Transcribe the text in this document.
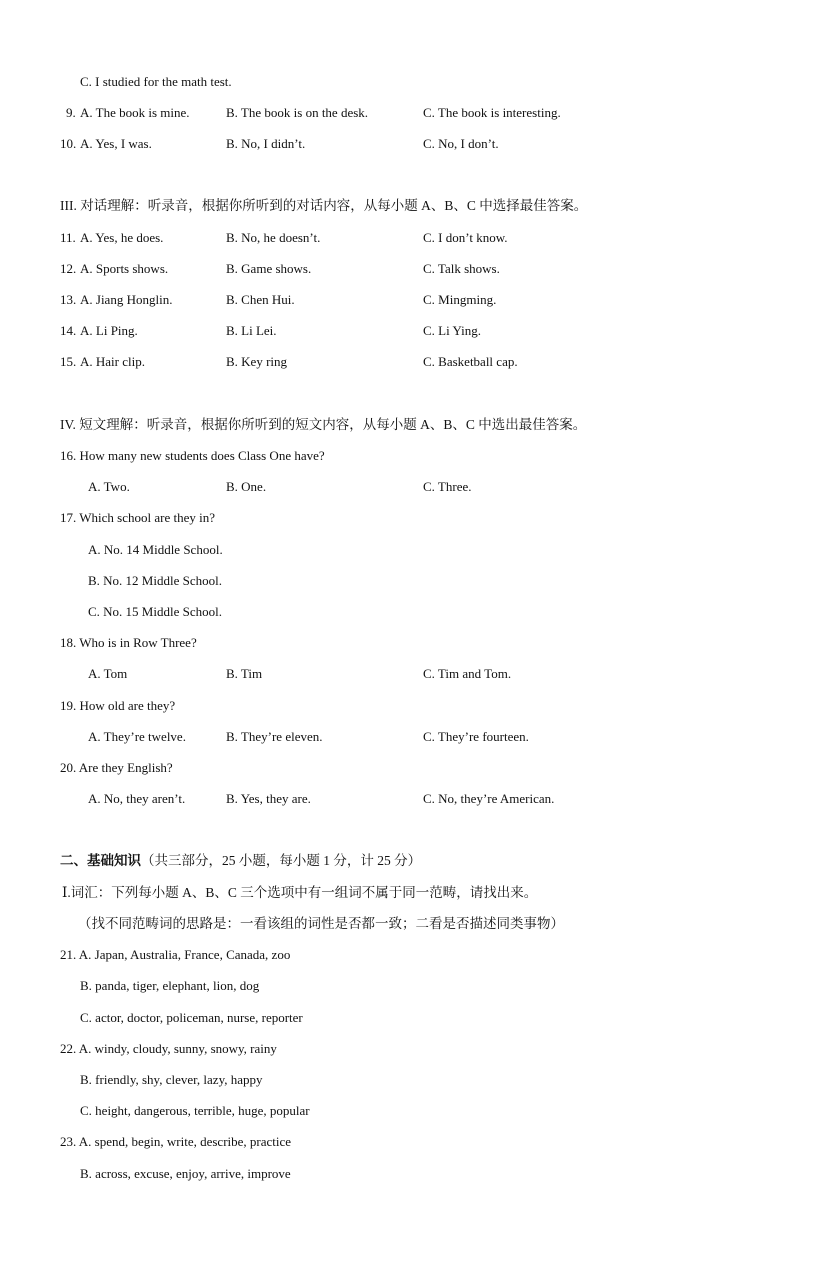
C. I studied for the math test.
9. A. The book is mine.	B. The book is on the desk.	C. The book is interesting.
10. A. Yes, I was.	B. No, I didn’t.	C. No, I don’t.
III. 对话理解：听录音，根据你所听到的对话内容，从每小题 A、B、C 中选择最佳答案。
11. A. Yes, he does.	B. No, he doesn’t.	C. I don’t know.
12. A. Sports shows.	B. Game shows.	C. Talk shows.
13. A. Jiang Honglin.	B. Chen Hui.	C. Mingming.
14. A. Li Ping.	B. Li Lei.	C. Li Ying.
15. A. Hair clip.	B. Key ring	C. Basketball cap.
IV. 短文理解：听录音，根据你所听到的短文内容，从每小题 A、B、C 中选出最佳答案。
16. How many new students does Class One have?
A. Two.	B. One.	C. Three.
17. Which school are they in?
A. No. 14 Middle School.
B. No. 12 Middle School.
C. No. 15 Middle School.
18. Who is in Row Three?
A. Tom	B. Tim	C. Tim and Tom.
19. How old are they?
A. They’re twelve.	B. They’re eleven.	C. They’re fourteen.
20. Are they English?
A. No, they aren’t.	B. Yes, they are.	C. No, they’re American.
二、基础知识（共三部分，25 小题，每小题 1 分，计 25 分）
Ⅰ.词汇：下列每小题 A、B、C 三个选项中有一组词不属于同一范畴，请找出来。
（找不同范畴词的思路是：一看该组的词性是否都一致；二看是否描述同类事物）
21. A. Japan, Australia, France, Canada, zoo
B. panda, tiger, elephant, lion, dog
C. actor, doctor, policeman, nurse, reporter
22. A. windy, cloudy, sunny, snowy, rainy
B. friendly, shy, clever, lazy, happy
C. height, dangerous, terrible, huge, popular
23. A. spend, begin, write, describe, practice
B. across, excuse, enjoy, arrive, improve
